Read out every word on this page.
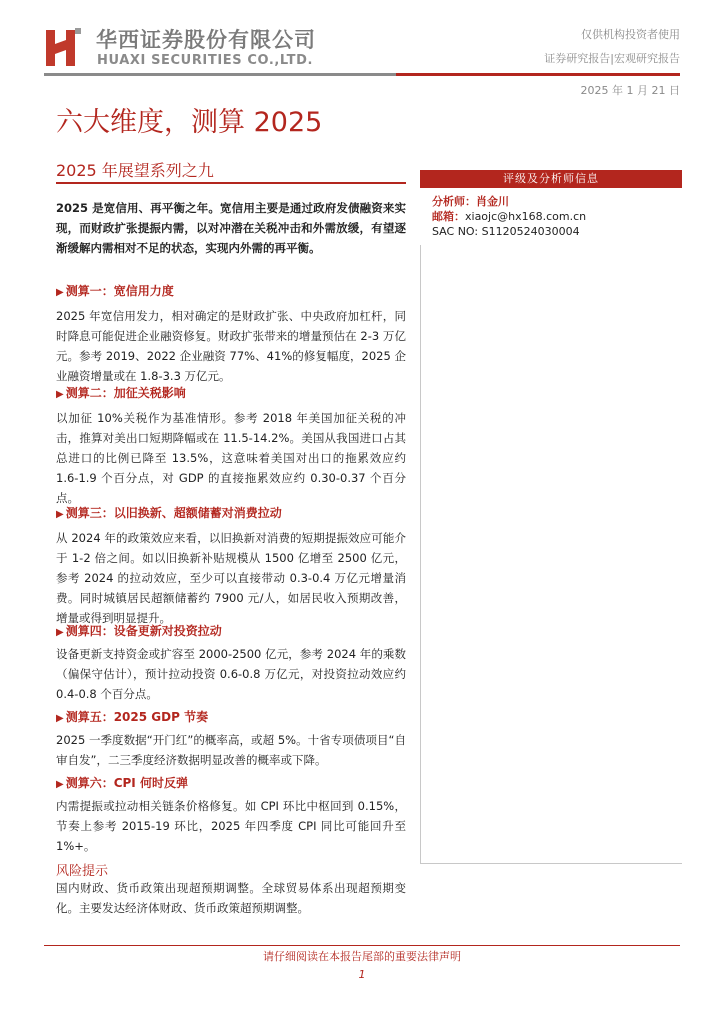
华西证券股份有限公司
HUAXI SECURITIES CO.,LTD.
仅供机构投资者使用
证券研究报告|宏观研究报告
2025 年 1 月 21 日
六大维度，测算 2025
2025 年展望系列之九	评级及分析师信息
分析师：肖金川
邮箱：xiaojc@hx168.com.cn
SAC NO: S1120524030004

2025 是宽信用、再平衡之年。宽信用主要是通过政府发债融资来实现，而财政扩张提振内需，以对冲潜在关税冲击和外需放缓，有望逐渐缓解内需相对不足的状态，实现内外需的再平衡。

▶ 测算一：宽信用力度

2025 年宽信用发力，相对确定的是财政扩张、中央政府加杠杆，同时降息可能促进企业融资修复。财政扩张带来的增量预估在 2-3 万亿元。参考 2019、2022 企业融资 77%、41%的修复幅度，2025 企业融资增量或在 1.8-3.3 万亿元。

▶ 测算二：加征关税影响

以加征 10%关税作为基准情形。参考 2018 年美国加征关税的冲击，推算对美出口短期降幅或在 11.5-14.2%。美国从我国进口占其总进口的比例已降至 13.5%，这意味着美国对出口的拖累效应约 1.6-1.9 个百分点，对 GDP 的直接拖累效应约 0.30-0.37 个百分点。

▶ 测算三：以旧换新、超额储蓄对消费拉动

从 2024 年的政策效应来看，以旧换新对消费的短期提振效应可能介于 1-2 倍之间。如以旧换新补贴规模从 1500 亿增至 2500 亿元，参考 2024 的拉动效应，至少可以直接带动 0.3-0.4 万亿元增量消费。同时城镇居民超额储蓄约 7900 元/人，如居民收入预期改善，增量或得到明显提升。

▶ 测算四：设备更新对投资拉动

设备更新支持资金或扩容至 2000-2500 亿元，参考 2024 年的乘数（偏保守估计），预计拉动投资 0.6-0.8 万亿元，对投资拉动效应约 0.4-0.8 个百分点。

▶ 测算五：2025 GDP 节奏

2025 一季度数据“开门红”的概率高，或超 5%。十省专项债项目“自审自发”，二三季度经济数据明显改善的概率或下降。

▶ 测算六：CPI 何时反弹

内需提振或拉动相关链条价格修复。如 CPI 环比中枢回到 0.15%，节奏上参考 2015-19 环比，2025 年四季度 CPI 同比可能回升至 1%+。

风险提示

国内财政、货币政策出现超预期调整。全球贸易体系出现超预期变化。主要发达经济体财政、货币政策超预期调整。

请仔细阅读在本报告尾部的重要法律声明
1
